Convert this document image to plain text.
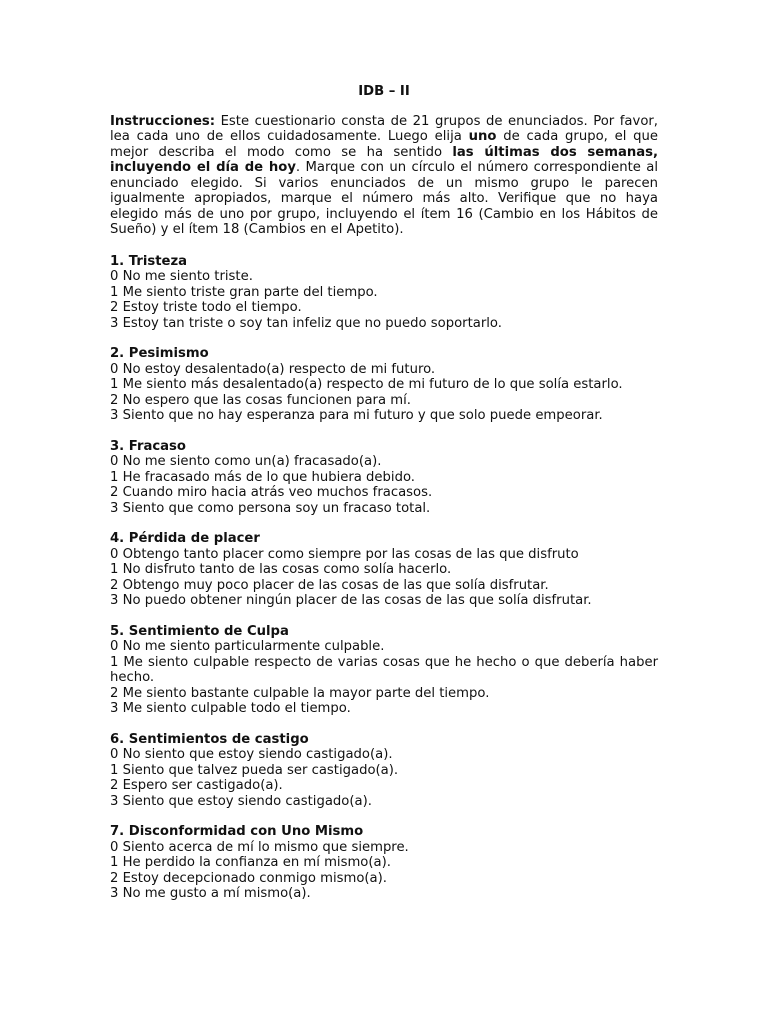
IDB – II

Instrucciones: Este cuestionario consta de 21 grupos de enunciados. Por favor, lea cada uno de ellos cuidadosamente. Luego elija uno de cada grupo, el que mejor describa el modo como se ha sentido las últimas dos semanas, incluyendo el día de hoy. Marque con un círculo el número correspondiente al enunciado elegido. Si varios enunciados de un mismo grupo le parecen igualmente apropiados, marque el número más alto. Verifique que no haya elegido más de uno por grupo, incluyendo el ítem 16 (Cambio en los Hábitos de Sueño) y el ítem 18 (Cambios en el Apetito).

1. Tristeza

0 No me siento triste.

1 Me siento triste gran parte del tiempo.

2 Estoy triste todo el tiempo.

3 Estoy tan triste o soy tan infeliz que no puedo soportarlo.

2. Pesimismo

0 No estoy desalentado(a) respecto de mi futuro.

1 Me siento más desalentado(a) respecto de mi futuro de lo que solía estarlo.

2 No espero que las cosas funcionen para mí.

3 Siento que no hay esperanza para mi futuro y que solo puede empeorar.

3. Fracaso

0 No me siento como un(a) fracasado(a).

1 He fracasado más de lo que hubiera debido.

2 Cuando miro hacia atrás veo muchos fracasos.

3 Siento que como persona soy un fracaso total.

4. Pérdida de placer

0 Obtengo tanto placer como siempre por las cosas de las que disfruto

1 No disfruto tanto de las cosas como solía hacerlo.

2 Obtengo muy poco placer de las cosas de las que solía disfrutar.

3 No puedo obtener ningún placer de las cosas de las que solía disfrutar.

5. Sentimiento de Culpa

0 No me siento particularmente culpable.

1 Me siento culpable respecto de varias cosas que he hecho o que debería haber hecho.

2 Me siento bastante culpable la mayor parte del tiempo.

3 Me siento culpable todo el tiempo.

6. Sentimientos de castigo

0 No siento que estoy siendo castigado(a).

1 Siento que talvez pueda ser castigado(a).

2 Espero ser castigado(a).

3 Siento que estoy siendo castigado(a).

7. Disconformidad con Uno Mismo

0 Siento acerca de mí lo mismo que siempre.

1 He perdido la confianza en mí mismo(a).

2 Estoy decepcionado conmigo mismo(a).

3 No me gusto a mí mismo(a).
